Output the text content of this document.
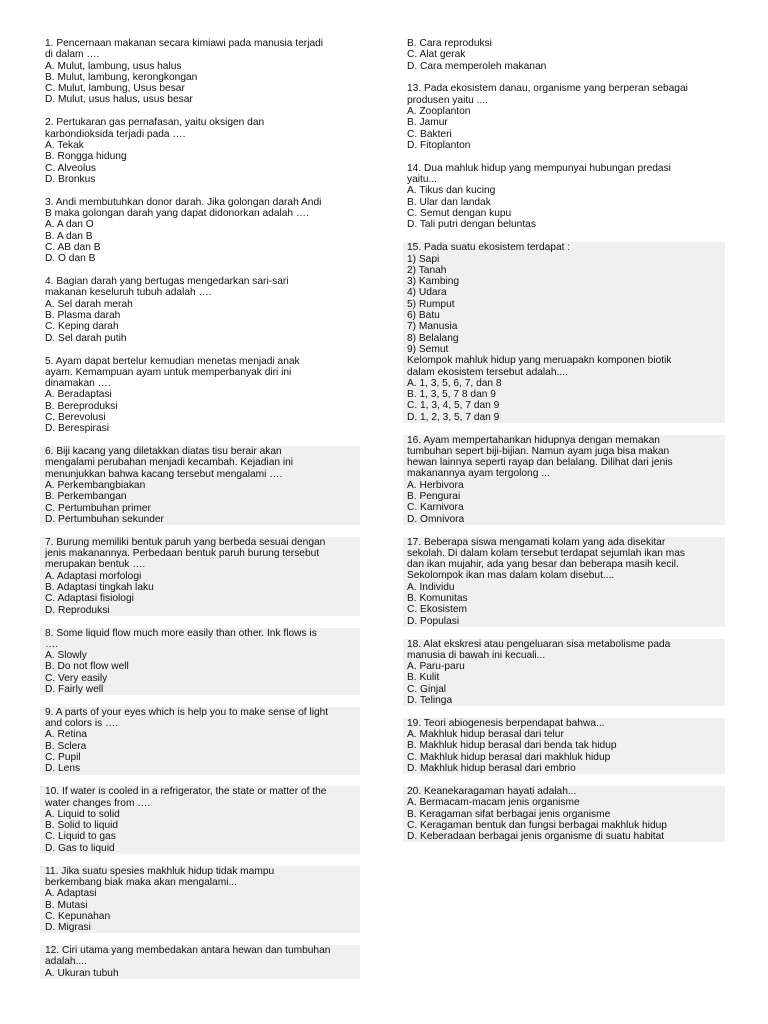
1. Pencernaan makanan secara kimiawi pada manusia terjadi
di dalam ….
A. Mulut, lambung, usus halus
B. Mulut, lambung, kerongkongan
C. Mulut, lambung, Usus besar
D. Mulut, usus halus, usus besar
2. Pertukaran gas pernafasan, yaitu oksigen dan
karbondioksida terjadi pada ….
A. Tekak
B. Rongga hidung
C. Alveolus
D. Bronkus
3. Andi membutuhkan donor darah. Jika golongan darah Andi
B maka golongan darah yang dapat didonorkan adalah ….
A. A dan O
B. A dan B
C. AB dan B
D. O dan B
4. Bagian darah yang bertugas mengedarkan sari-sari
makanan keseluruh tubuh adalah ….
A. Sel darah merah
B. Plasma darah
C. Keping darah
D. Sel darah putih
5. Ayam dapat bertelur kemudian menetas menjadi anak
ayam. Kemampuan ayam untuk memperbanyak diri ini
dinamakan ….
A. Beradaptasi
B. Bereproduksi
C. Berevolusi
D. Berespirasi
6. Biji kacang yang diletakkan diatas tisu berair akan
mengalami perubahan menjadi kecambah. Kejadian ini
menunjukkan bahwa kacang tersebut mengalami ….
A. Perkembangbiakan
B. Perkembangan
C. Pertumbuhan primer
D. Pertumbuhan sekunder
7. Burung memiliki bentuk paruh yang berbeda sesuai dengan
jenis makanannya. Perbedaan bentuk paruh burung tersebut
merupakan bentuk ….
A. Adaptasi morfologi
B. Adaptasi tingkah laku
C. Adaptasi fisiologi
D. Reproduksi
8. Some liquid flow much more easily than other. Ink flows is
….
A. Slowly
B. Do not flow well
C. Very easily
D. Fairly well
9. A parts of your eyes which is help you to make sense of light
and colors is ….
A. Retina
B. Sclera
C. Pupil
D. Lens
10. If water is cooled in a refrigerator, the state or matter of the
water changes from ….
A. Liquid to solid
B. Solid to liquid
C. Liquid to gas
D. Gas to liquid
11. Jika suatu spesies makhluk hidup tidak mampu
berkembang biak maka akan mengalami...
A. Adaptasi
B. Mutasi
C. Kepunahan
D. Migrasi
12. Ciri utama yang membedakan antara hewan dan tumbuhan
adalah....
A. Ukuran tubuh
B. Cara reproduksi
C. Alat gerak
D. Cara memperoleh makanan
13. Pada ekosistem danau, organisme yang berperan sebagai
produsen yaitu ....
A. Zooplanton
B. Jamur
C. Bakteri
D. Fitoplanton
14. Dua mahluk hidup yang mempunyai hubungan predasi
yaitu...
A. Tikus dan kucing
B. Ular dan landak
C. Semut dengan kupu
D. Tali putri dengan beluntas
15. Pada suatu ekosistem terdapat :
1) Sapi
2) Tanah
3) Kambing
4) Udara
5) Rumput
6) Batu
7) Manusia
8) Belalang
9) Semut
Kelompok mahluk hidup yang meruapakn komponen biotik
dalam ekosistem tersebut adalah....
A. 1, 3, 5, 6, 7, dan 8
B. 1, 3, 5, 7 8 dan 9
C. 1, 3, 4, 5, 7 dan 9
D. 1, 2, 3, 5, 7 dan 9
16. Ayam mempertahankan hidupnya dengan memakan
tumbuhan sepert biji-bijian. Namun ayam juga bisa makan
hewan lainnya seperti rayap dan belalang. Dilihat dari jenis
makanannya ayam tergolong ...
A. Herbivora
B. Pengurai
C. Karnivora
D. Omnivora
17. Beberapa siswa mengamati kolam yang ada disekitar
sekolah. Di dalam kolam tersebut terdapat sejumlah ikan mas
dan ikan mujahir, ada yang besar dan beberapa masih kecil.
Sekolompok ikan mas dalam kolam disebut....
A. Individu
B. Komunitas
C. Ekosistem
D. Populasi
18. Alat ekskresi atau pengeluaran sisa metabolisme pada
manusia di bawah ini kecuali...
A. Paru-paru
B. Kulit
C. Ginjal
D. Telinga
19. Teori abiogenesis berpendapat bahwa...
A. Makhluk hidup berasal dari telur
B. Makhluk hidup berasal dari benda tak hidup
C. Makhluk hidup berasal dari makhluk hidup
D. Makhluk hidup berasal dari embrio
20. Keanekaragaman hayati adalah...
A. Bermacam-macam jenis organisme
B. Keragaman sifat berbagai jenis organisme
C. Keragaman bentuk dan fungsi berbagai makhluk hidup
D. Keberadaan berbagai jenis organisme di suatu habitat
